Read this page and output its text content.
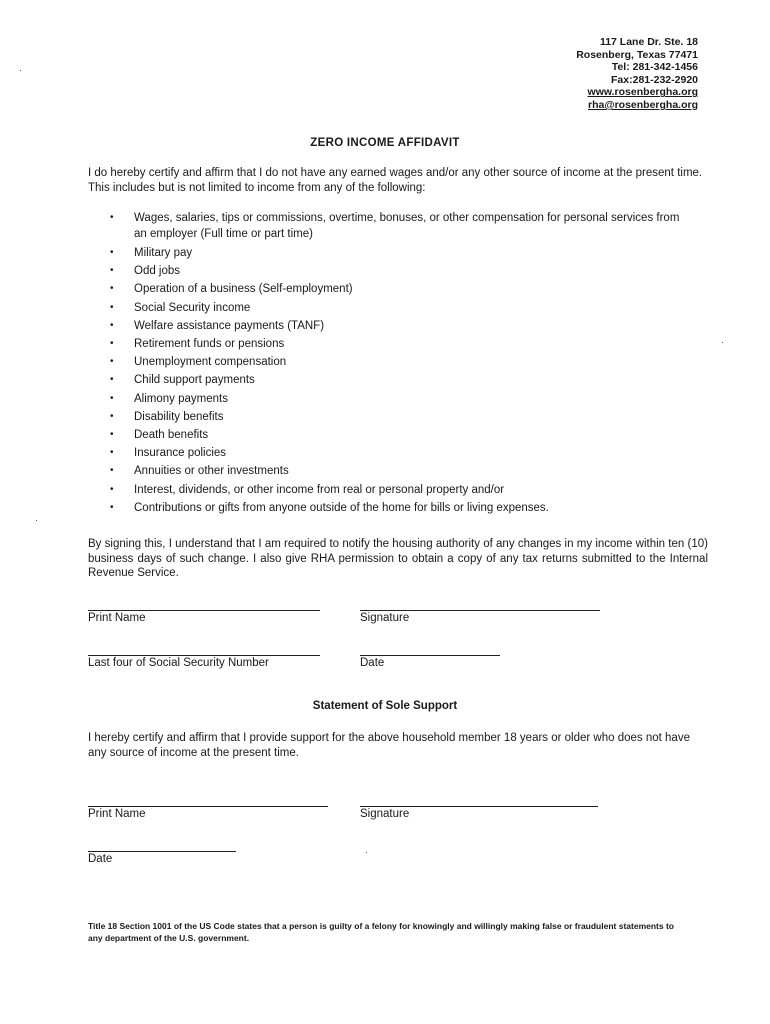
117 Lane Dr. Ste. 18
Rosenberg, Texas 77471
Tel: 281-342-1456
Fax:281-232-2920
www.rosenbergha.org
rha@rosenbergha.org
ZERO INCOME AFFIDAVIT
I do hereby certify and affirm that I do not have any earned wages and/or any other source of income at the present time. This includes but is not limited to income from any of the following:
• Wages, salaries, tips or commissions, overtime, bonuses, or other compensation for personal services from an employer (Full time or part time)
• Military pay
• Odd jobs
• Operation of a business (Self-employment)
• Social Security income
• Welfare assistance payments (TANF)
• Retirement funds or pensions
• Unemployment compensation
• Child support payments
• Alimony payments
• Disability benefits
• Death benefits
• Insurance policies
• Annuities or other investments
• Interest, dividends, or other income from real or personal property and/or
• Contributions or gifts from anyone outside of the home for bills or living expenses.
By signing this, I understand that I am required to notify the housing authority of any changes in my income within ten (10) business days of such change. I also give RHA permission to obtain a copy of any tax returns submitted to the Internal Revenue Service.
Print Name	Signature
Last four of Social Security Number	Date
Statement of Sole Support
I hereby certify and affirm that I provide support for the above household member 18 years or older who does not have any source of income at the present time.
Print Name	Signature
Date
Title 18 Section 1001 of the US Code states that a person is guilty of a felony for knowingly and willingly making false or fraudulent statements to any department of the U.S. government.
